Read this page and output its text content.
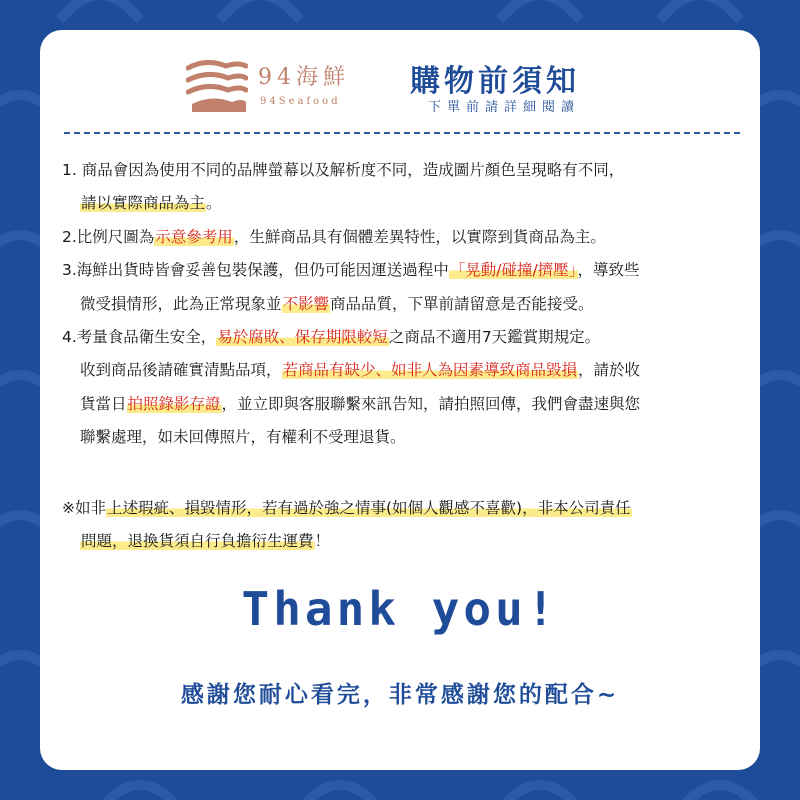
94海鮮
94Seafood
購物前須知
下單前請詳細閱讀
1. 商品會因為使用不同的品牌螢幕以及解析度不同，造成圖片顏色呈現略有不同，
請以實際商品為主。
2.比例尺圖為示意參考用，生鮮商品具有個體差異特性，以實際到貨商品為主。
3.海鮮出貨時皆會妥善包裝保護，但仍可能因運送過程中「晃動/碰撞/擠壓」，導致些
微受損情形，此為正常現象並不影響商品品質，下單前請留意是否能接受。
4.考量食品衛生安全，易於腐敗、保存期限較短之商品不適用7天鑑賞期規定。
收到商品後請確實清點品項，若商品有缺少、如非人為因素導致商品毀損，請於收
貨當日拍照錄影存證，並立即與客服聯繫來訊告知，請拍照回傳，我們會盡速與您
聯繫處理，如未回傳照片，有權利不受理退貨。
※如非上述瑕疵、損毀情形，若有過於強之情事(如個人觀感不喜歡)，非本公司責任
問題，退換貨須自行負擔衍生運費！
Thank you!
感謝您耐心看完，非常感謝您的配合~
